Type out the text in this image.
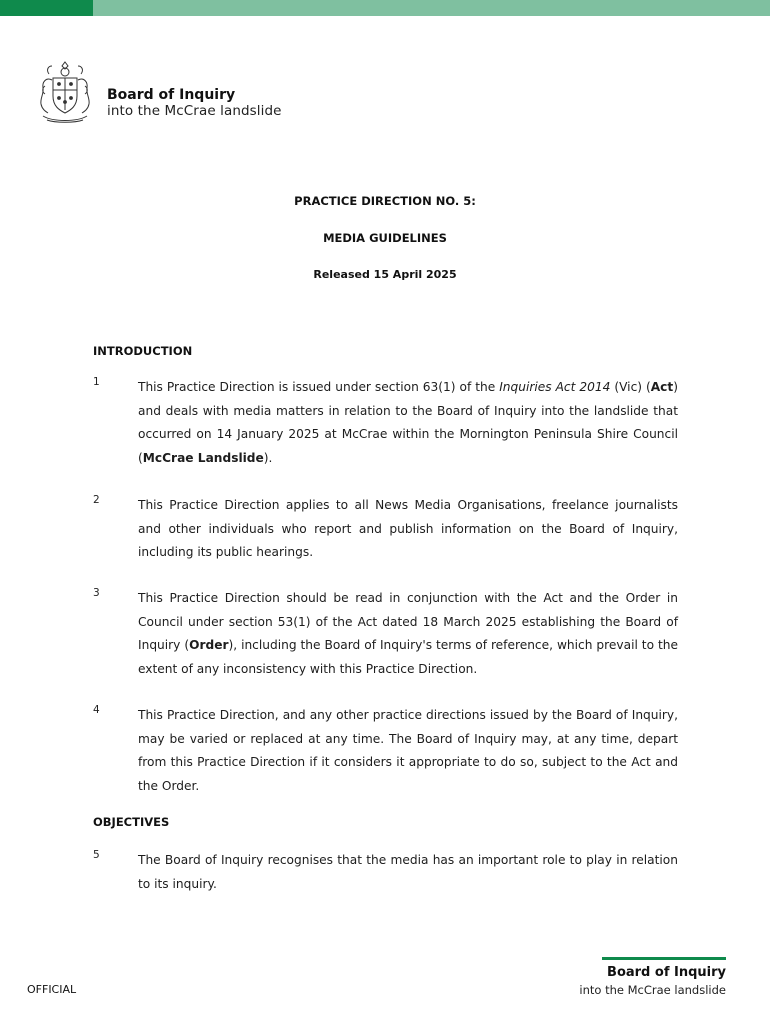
Board of Inquiry
into the McCrae landslide
PRACTICE DIRECTION NO. 5:
MEDIA GUIDELINES
Released 15 April 2025
INTRODUCTION
1	This Practice Direction is issued under section 63(1) of the Inquiries Act 2014 (Vic) (Act) and deals with media matters in relation to the Board of Inquiry into the landslide that occurred on 14 January 2025 at McCrae within the Mornington Peninsula Shire Council (McCrae Landslide).
2	This Practice Direction applies to all News Media Organisations, freelance journalists and other individuals who report and publish information on the Board of Inquiry, including its public hearings.
3	This Practice Direction should be read in conjunction with the Act and the Order in Council under section 53(1) of the Act dated 18 March 2025 establishing the Board of Inquiry (Order), including the Board of Inquiry's terms of reference, which prevail to the extent of any inconsistency with this Practice Direction.
4	This Practice Direction, and any other practice directions issued by the Board of Inquiry, may be varied or replaced at any time. The Board of Inquiry may, at any time, depart from this Practice Direction if it considers it appropriate to do so, subject to the Act and the Order.
OBJECTIVES
5	The Board of Inquiry recognises that the media has an important role to play in relation to its inquiry.
OFFICIAL
Board of Inquiry
into the McCrae landslide
